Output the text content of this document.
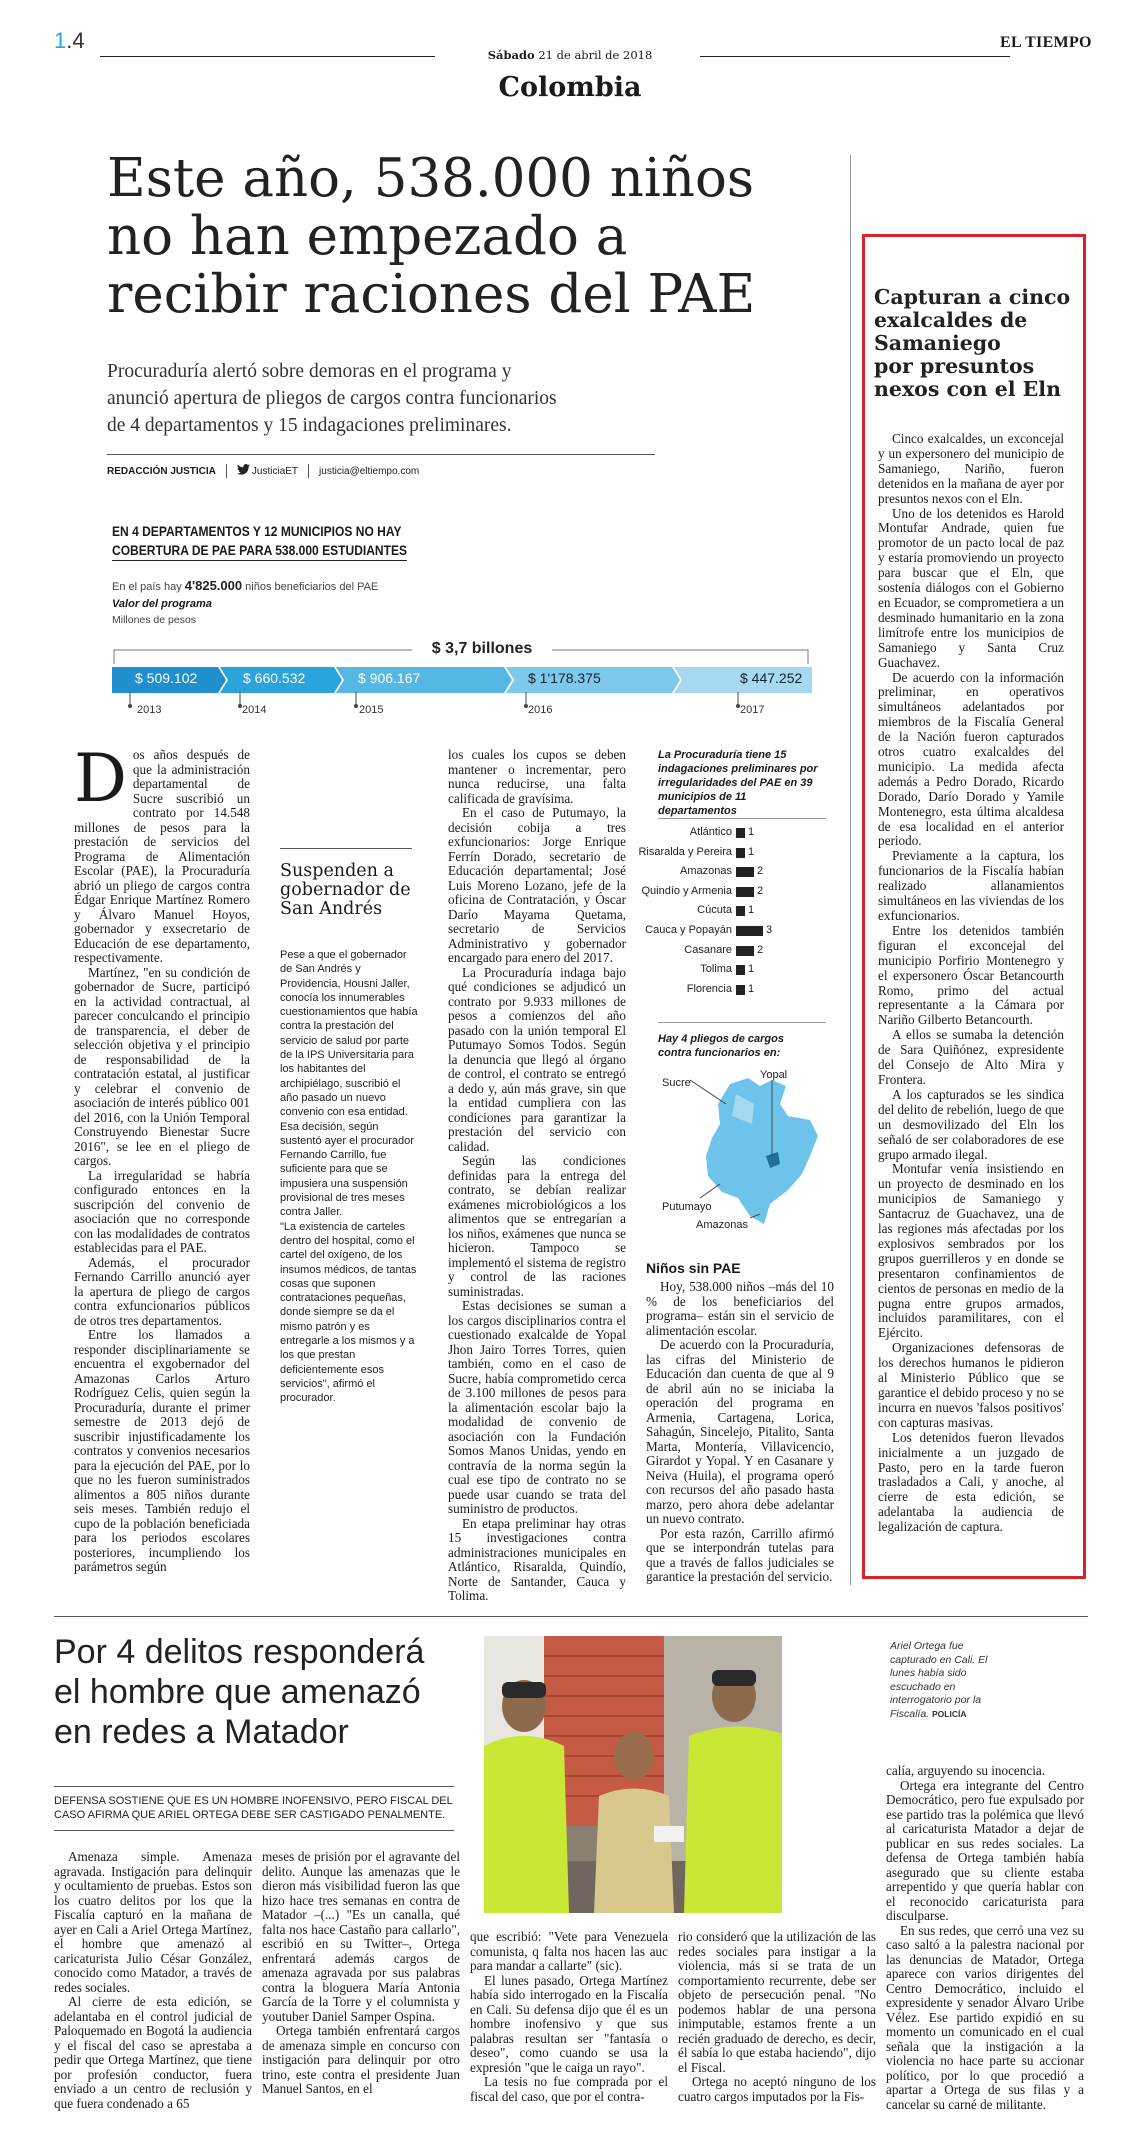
1.4
Sábado 21 de abril de 2018
EL TIEMPO
Colombia
Este año, 538.000 niños
no han empezado a
recibir raciones del PAE
Procuraduría alertó sobre demoras en el programa y
anunció apertura de pliegos de cargos contra funcionarios
de 4 departamentos y 15 indagaciones preliminares.
REDACCIÓN JUSTICIA	JusticiaET justicia@eltiempo.com
EN 4 DEPARTAMENTOS Y 12 MUNICIPIOS NO HAY
COBERTURA DE PAE PARA 538.000 ESTUDIANTES
En el país hay 4'825.000 niños beneficiarios del PAE
Valor del programa
Millones de pesos
$ 3,7 billones
$ 509.102	$ 660.532	$ 906.167	$ 1'178.375	$ 447.252
2013	2014	2015	2016	2017
D os años después de que la administración departamental de Sucre suscribió un contrato por 14.548 millones de pesos para la prestación de servicios del Programa de Alimentación Escolar (PAE), la Procuraduría abrió un pliego de cargos contra Édgar Enrique Martínez Romero y Álvaro Manuel Hoyos, gobernador y exsecretario de Educación de ese departamento, respectivamente.

Martínez, "en su condición de gobernador de Sucre, participó en la actividad contractual, al parecer conculcando el principio de transparencia, el deber de selección objetiva y el principio de responsabilidad de la contratación estatal, al justificar y celebrar el convenio de asociación de interés público 001 del 2016, con la Unión Temporal Construyendo Bienestar Sucre 2016", se lee en el pliego de cargos.

La irregularidad se habría configurado entonces en la suscripción del convenio de asociación que no corresponde con las modalidades de contratos establecidas para el PAE.

Además, el procurador Fernando Carrillo anunció ayer la apertura de pliego de cargos contra exfuncionarios públicos de otros tres departamentos.

Entre los llamados a responder disciplinariamente se encuentra el exgobernador del Amazonas Carlos Arturo Rodríguez Celis, quien según la Procuraduría, durante el primer semestre de 2013 dejó de suscribir injustificadamente los contratos y convenios necesarios para la ejecución del PAE, por lo que no les fueron suministrados alimentos a 805 niños durante seis meses. También redujo el cupo de la población beneficiada para los periodos escolares posteriores, incumpliendo los parámetros según

Suspenden a
gobernador de
San Andrés

Pese a que el gobernador de San Andrés y Providencia, Housni Jaller, conocía los innumerables cuestionamientos que había contra la prestación del servicio de salud por parte de la IPS Universitaria para los habitantes del archipiélago, suscribió el año pasado un nuevo convenio con esa entidad. Esa decisión, según sustentó ayer el procurador Fernando Carrillo, fue suficiente para que se impusiera una suspensión provisional de tres meses contra Jaller.

"La existencia de carteles dentro del hospital, como el cartel del oxígeno, de los insumos médicos, de tantas cosas que suponen contrataciones pequeñas, donde siempre se da el mismo patrón y es entregarle a los mismos y a los que prestan deficientemente esos servicios", afirmó el procurador.

los cuales los cupos se deben mantener o incrementar, pero nunca reducirse, una falta calificada de gravísima.

En el caso de Putumayo, la decisión cobija a tres exfuncionarios: Jorge Enrique Ferrín Dorado, secretario de Educación departamental; José Luis Moreno Lozano, jefe de la oficina de Contratación, y Óscar Darío Mayama Quetama, secretario de Servicios Administrativo y gobernador encargado para enero del 2017.

La Procuraduría indaga bajo qué condiciones se adjudicó un contrato por 9.933 millones de pesos a comienzos del año pasado con la unión temporal El Putumayo Somos Todos. Según la denuncia que llegó al órgano de control, el contrato se entregó a dedo y, aún más grave, sin que la entidad cumpliera con las condiciones para garantizar la prestación del servicio con calidad.

Según las condiciones definidas para la entrega del contrato, se debían realizar exámenes microbiológicos a los alimentos que se entregarían a los niños, exámenes que nunca se hicieron. Tampoco se implementó el sistema de registro y control de las raciones suministradas.

Estas decisiones se suman a los cargos disciplinarios contra el cuestionado exalcalde de Yopal Jhon Jairo Torres Torres, quien también, como en el caso de Sucre, había comprometido cerca de 3.100 millones de pesos para la alimentación escolar bajo la modalidad de convenio de asociación con la Fundación Somos Manos Unidas, yendo en contravía de la norma según la cual ese tipo de contrato no se puede usar cuando se trata del suministro de productos.

En etapa preliminar hay otras 15 investigaciones contra administraciones municipales en Atlántico, Risaralda, Quindío, Norte de Santander, Cauca y Tolima.

La Procuraduría tiene 15 indagaciones preliminares por irregularidades del PAE en 39 municipios de 11 departamentos
Atlántico 1
Risaralda y Pereira 1
Amazonas 2
Quindío y Armenia 2
Cúcuta 1
Cauca y Popayán	3
Casanare 2
Tolima 1
Florencia 1
Hay 4 pliegos de cargos contra funcionarios en:
Sucre
Yopal
Putumayo
Amazonas
Niños sin PAE

Hoy, 538.000 niños –más del 10 % de los beneficiarios del programa– están sin el servicio de alimentación escolar.

De acuerdo con la Procuraduría, las cifras del Ministerio de Educación dan cuenta de que al 9 de abril aún no se iniciaba la operación del programa en Armenia, Cartagena, Lorica, Sahagún, Sincelejo, Pitalito, Santa Marta, Montería, Villavicencio, Girardot y Yopal. Y en Casanare y Neiva (Huila), el programa operó con recursos del año pasado hasta marzo, pero ahora debe adelantar un nuevo contrato.

Por esta razón, Carrillo afirmó que se interpondrán tutelas para que a través de fallos judiciales se garantice la prestación del servicio.

Capturan a cinco
exalcaldes de
Samaniego
por presuntos
nexos con el Eln

Cinco exalcaldes, un exconcejal y un expersonero del municipio de Samaniego, Nariño, fueron detenidos en la mañana de ayer por presuntos nexos con el Eln.

Uno de los detenidos es Harold Montufar Andrade, quien fue promotor de un pacto local de paz y estaría promoviendo un proyecto para buscar que el Eln, que sostenía diálogos con el Gobierno en Ecuador, se comprometiera a un desminado humanitario en la zona limítrofe entre los municipios de Samaniego y Santa Cruz Guachavez.

De acuerdo con la información preliminar, en operativos simultáneos adelantados por miembros de la Fiscalía General de la Nación fueron capturados otros cuatro exalcaldes del municipio. La medida afecta además a Pedro Dorado, Ricardo Dorado, Darío Dorado y Yamile Montenegro, esta última alcaldesa de esa localidad en el anterior periodo.

Previamente a la captura, los funcionarios de la Fiscalía habían realizado allanamientos simultáneos en las viviendas de los exfuncionarios.

Entre los detenidos también figuran el exconcejal del municipio Porfirio Montenegro y el expersonero Óscar Betancourth Romo, primo del actual representante a la Cámara por Nariño Gilberto Betancourth.

A ellos se sumaba la detención de Sara Quiñónez, expresidente del Consejo de Alto Mira y Frontera.

A los capturados se les sindica del delito de rebelión, luego de que un desmovilizado del Eln los señaló de ser colaboradores de ese grupo armado ilegal.

Montufar venía insistiendo en un proyecto de desminado en los municipios de Samaniego y Santacruz de Guachavez, una de las regiones más afectadas por los explosivos sembrados por los grupos guerrilleros y en donde se presentaron confinamientos de cientos de personas en medio de la pugna entre grupos armados, incluidos paramilitares, con el Ejército.

Organizaciones defensoras de los derechos humanos le pidieron al Ministerio Público que se garantice el debido proceso y no se incurra en nuevos 'falsos positivos' con capturas masivas.

Los detenidos fueron llevados inicialmente a un juzgado de Pasto, pero en la tarde fueron trasladados a Cali, y anoche, al cierre de esta edición, se adelantaba la audiencia de legalización de captura.

Por 4 delitos responderá
el hombre que amenazó
en redes a Matador
DEFENSA SOSTIENE QUE ES UN HOMBRE INOFENSIVO, PERO FISCAL DEL CASO AFIRMA QUE ARIEL ORTEGA DEBE SER CASTIGADO PENALMENTE.
Ariel Ortega fue capturado en Cali. El lunes había sido escuchado en interrogatorio por la Fiscalía. POLICÍA

Amenaza simple. Amenaza agravada. Instigación para delinquir y ocultamiento de pruebas. Estos son los cuatro delitos por los que la Fiscalía capturó en la mañana de ayer en Cali a Ariel Ortega Martínez, el hombre que amenazó al caricaturista Julio César González, conocido como Matador, a través de redes sociales.

Al cierre de esta edición, se adelantaba en el control judicial de Paloquemado en Bogotá la audiencia y el fiscal del caso se aprestaba a pedir que Ortega Martínez, que tiene por profesión conductor, fuera enviado a un centro de reclusión y que fuera condenado a 65

meses de prisión por el agravante del delito. Aunque las amenazas que le dieron más visibilidad fueron las que hizo hace tres semanas en contra de Matador –(...) "Es un canalla, qué falta nos hace Castaño para callarlo", escribió en su Twitter–, Ortega enfrentará además cargos de amenaza agravada por sus palabras contra la bloguera María Antonia García de la Torre y el columnista y youtuber Daniel Samper Ospina.

Ortega también enfrentará cargos de amenaza simple en concurso con instigación para delinquir por otro trino, este contra el presidente Juan Manuel Santos, en el

que escribió: "Vete para Venezuela comunista, q falta nos hacen las auc para mandar a callarte" (sic).

El lunes pasado, Ortega Martínez había sido interrogado en la Fiscalía en Cali. Su defensa dijo que él es un hombre inofensivo y que sus palabras resultan ser "fantasía o deseo", como cuando se usa la expresión "que le caiga un rayo".

La tesis no fue comprada por el fiscal del caso, que por el contra-

rio consideró que la utilización de las redes sociales para instigar a la violencia, más si se trata de un comportamiento recurrente, debe ser objeto de persecución penal. "No podemos hablar de una persona inimputable, estamos frente a un recién graduado de derecho, es decir, él sabía lo que estaba haciendo", dijo el Fiscal.

Ortega no aceptó ninguno de los cuatro cargos imputados por la Fis-

calía, arguyendo su inocencia.

Ortega era integrante del Centro Democrático, pero fue expulsado por ese partido tras la polémica que llevó al caricaturista Matador a dejar de publicar en sus redes sociales. La defensa de Ortega también había asegurado que su cliente estaba arrepentido y que quería hablar con el reconocido caricaturista para disculparse.

En sus redes, que cerró una vez su caso saltó a la palestra nacional por las denuncias de Matador, Ortega aparece con varios dirigentes del Centro Democrático, incluido el expresidente y senador Álvaro Uribe Vélez. Ese partido expidió en su momento un comunicado en el cual señala que la instigación a la violencia no hace parte su accionar político, por lo que procedió a apartar a Ortega de sus filas y a cancelar su carné de militante.
